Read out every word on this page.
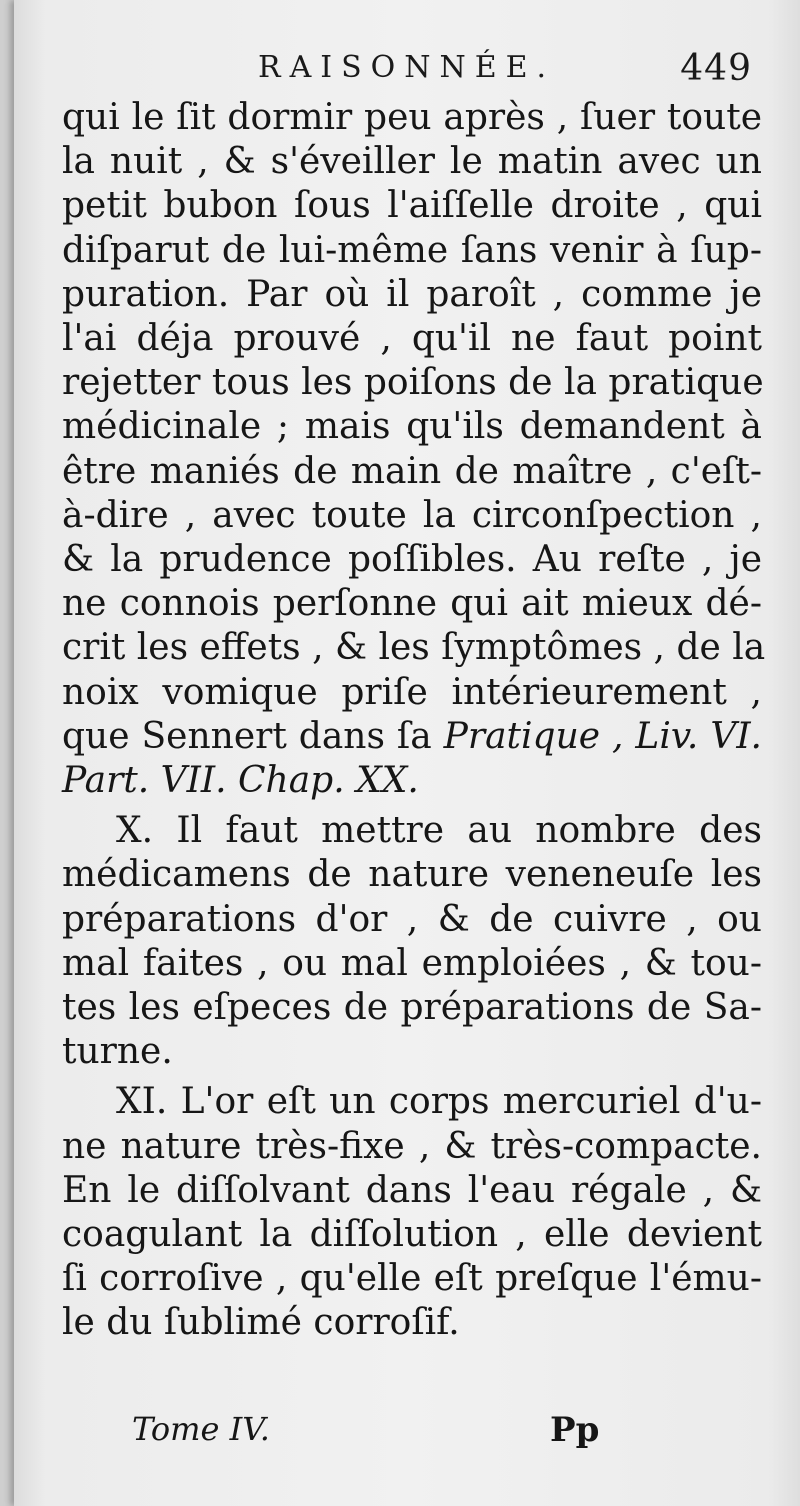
RAISONNÉE.	449
qui le ſit dormir peu après , ſuer toute
la nuit , & s'éveiller le matin avec un
petit bubon ſous l'aiſſelle droite , qui
diſparut de lui-même ſans venir à ſup-
puration. Par où il paroît , comme je
l'ai déja prouvé , qu'il ne faut point
rejetter tous les poiſons de la pratique
médicinale ; mais qu'ils demandent à
être maniés de main de maître , c'eſt-
à-dire , avec toute la circonſpection ,
& la prudence poſſibles. Au reſte , je
ne connois perſonne qui ait mieux dé-
crit les effets , & les ſymptômes , de la
noix vomique priſe intérieurement ,
que Sennert dans ſa Pratique , Liv. VI.
Part. VII. Chap. XX.
X. Il faut mettre au nombre des
médicamens de nature veneneuſe les
préparations d'or , & de cuivre , ou
mal faites , ou mal emploiées , & tou-
tes les eſpeces de préparations de Sa-
turne.
XI. L'or eſt un corps mercuriel d'u-
ne nature très-fixe , & très-compacte.
En le diſſolvant dans l'eau régale , &
coagulant la diſſolution , elle devient
ſi corroſive , qu'elle eſt preſque l'ému-
le du ſublimé corroſif.
Tome IV.	Pp
